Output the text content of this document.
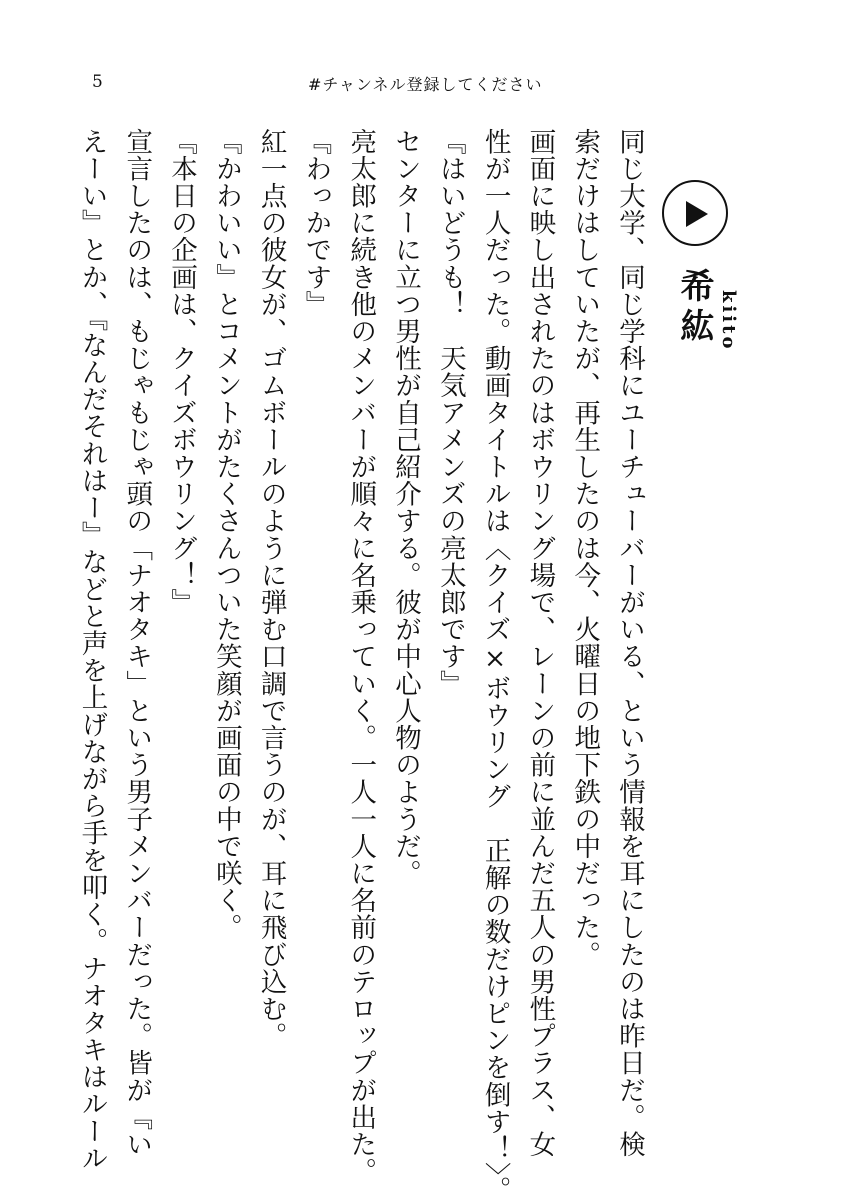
5	#チャンネル登録してください
希紘 kiito

同じ大学、同じ学科にユーチューバーがいる、という情報を耳にしたのは昨日だ。検

索だけはしていたが、再生したのは今、火曜日の地下鉄の中だった。

画面に映し出されたのはボウリング場で、レーンの前に並んだ五人の男性プラス、女

性が一人だった。動画タイトルは〈クイズ×ボウリング　正解の数だけピンを倒す！〉。

『はいどうも！　天気アメンズの亮太郎です』

センターに立つ男性が自己紹介する。彼が中心人物のようだ。

亮太郎に続き他のメンバーが順々に名乗っていく。一人一人に名前のテロップが出た。

『わっかです』

紅一点の彼女が、ゴムボールのように弾む口調で言うのが、耳に飛び込む。

『かわいい』とコメントがたくさんついた笑顔が画面の中で咲く。

『本日の企画は、クイズボウリング！』

宣言したのは、もじゃもじゃ頭の「ナオタキ」という男子メンバーだった。皆が『い

えーい』とか、『なんだそれはー』などと声を上げながら手を叩く。ナオタキはルール
